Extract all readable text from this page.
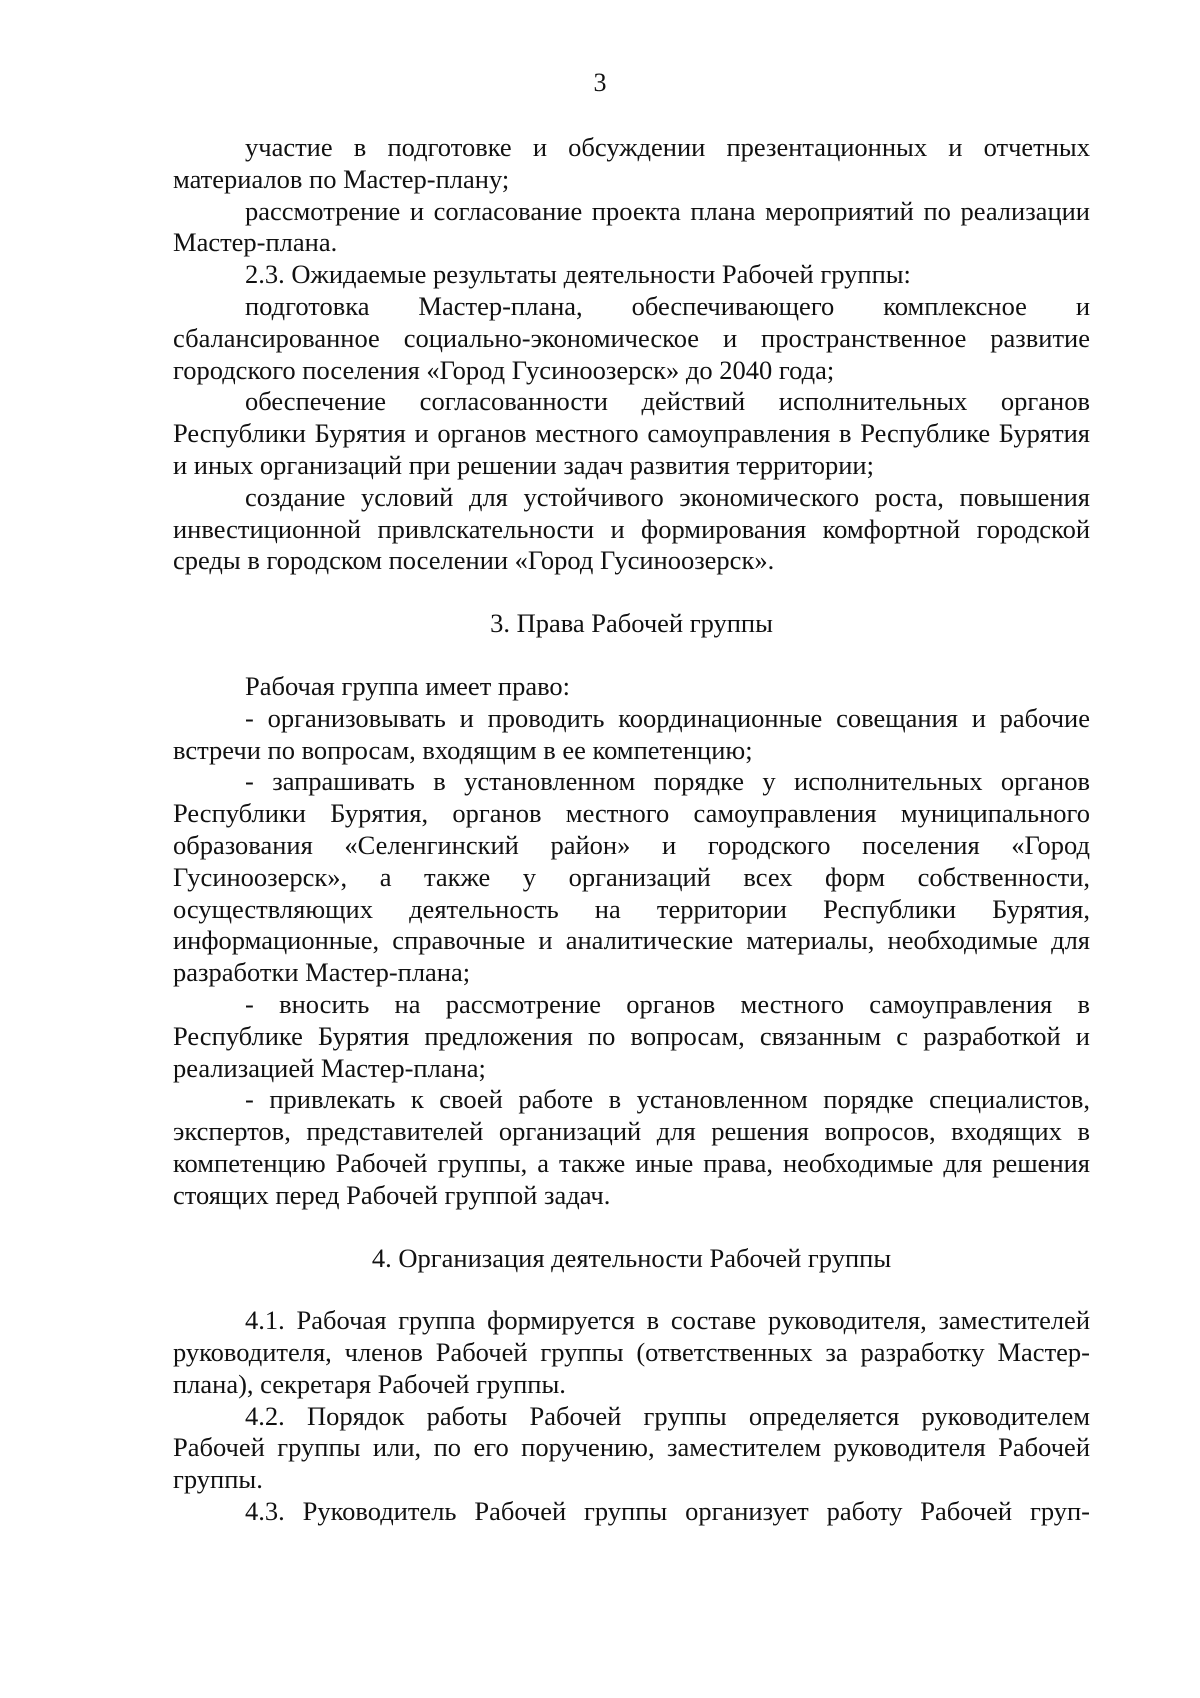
3

участие в подготовке и обсуждении презентационных и отчетных материалов по Мастер-плану;

рассмотрение и согласование проекта плана мероприятий по реализации Мастер-плана.

2.3. Ожидаемые результаты деятельности Рабочей группы:

подготовка Мастер-плана, обеспечивающего комплексное и сбалансированное социально-экономическое и пространственное развитие городского поселения «Город Гусиноозерск» до 2040 года;

обеспечение согласованности действий исполнительных органов Республики Бурятия и органов местного самоуправления в Республике Бурятия и иных организаций при решении задач развития территории;

создание условий для устойчивого экономического роста, повышения инвестиционной привлскательности и формирования комфортной городской среды в городском поселении «Город Гусиноозерск».

3. Права Рабочей группы

Рабочая группа имеет право:

- организовывать и проводить координационные совещания и рабочие встречи по вопросам, входящим в ее компетенцию;

- запрашивать в установленном порядке у исполнительных органов Республики Бурятия, органов местного самоуправления муниципального образования «Селенгинский район» и городского поселения «Город Гусиноозерск», а также у организаций всех форм собственности, осуществляющих деятельность на территории Республики Бурятия, информационные, справочные и аналитические материалы, необходимые для разработки Мастер-плана;

- вносить на рассмотрение органов местного самоуправления в Республике Бурятия предложения по вопросам, связанным с разработкой и реализацией Мастер-плана;

- привлекать к своей работе в установленном порядке специалистов, экспертов, представителей организаций для решения вопросов, входящих в компетенцию Рабочей группы, а также иные права, необходимые для решения стоящих перед Рабочей группой задач.

4. Организация деятельности Рабочей группы

4.1. Рабочая группа формируется в составе руководителя, заместителей руководителя, членов Рабочей группы (ответственных за разработку Мастер-плана), секретаря Рабочей группы.

4.2. Порядок работы Рабочей группы определяется руководителем Рабочей группы или, по его поручению, заместителем руководителя Рабочей группы.

4.3. Руководитель Рабочей группы организует работу Рабочей груп-
